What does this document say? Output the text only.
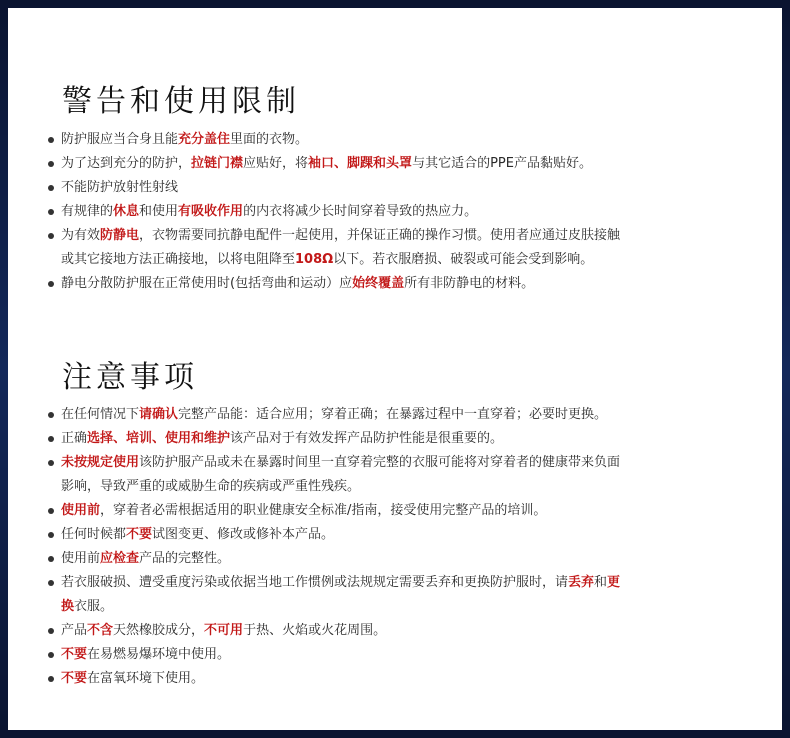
警告和使用限制
防护服应当合身且能充分盖住里面的衣物。
为了达到充分的防护，拉链门襟应贴好，将袖口、脚踝和头罩与其它适合的PPE产品黏贴好。
不能防护放射性射线
有规律的休息和使用有吸收作用的内衣将减少长时间穿着导致的热应力。
为有效防静电，衣物需要同抗静电配件一起使用，并保证正确的操作习惯。使用者应通过皮肤接触
或其它接地方法正确接地，以将电阻降至108Ω以下。若衣服磨损、破裂或可能会受到影响。
静电分散防护服在正常使用时(包括弯曲和运动）应始终覆盖所有非防静电的材料。
注意事项
在任何情况下请确认完整产品能：适合应用；穿着正确；在暴露过程中一直穿着；必要时更换。
正确选择、培训、使用和维护该产品对于有效发挥产品防护性能是很重要的。
未按规定使用该防护服产品或未在暴露时间里一直穿着完整的衣服可能将对穿着者的健康带来负面
影响，导致严重的或威胁生命的疾病或严重性残疾。
使用前，穿着者必需根据适用的职业健康安全标准/指南，接受使用完整产品的培训。
任何时候都不要试图变更、修改或修补本产品。
使用前应检查产品的完整性。
若衣服破损、遭受重度污染或依据当地工作惯例或法规规定需要丢弃和更换防护服时，请丢弃和更
换衣服。
产品不含天然橡胶成分，不可用于热、火焰或火花周围。
不要在易燃易爆环境中使用。
不要在富氧环境下使用。
